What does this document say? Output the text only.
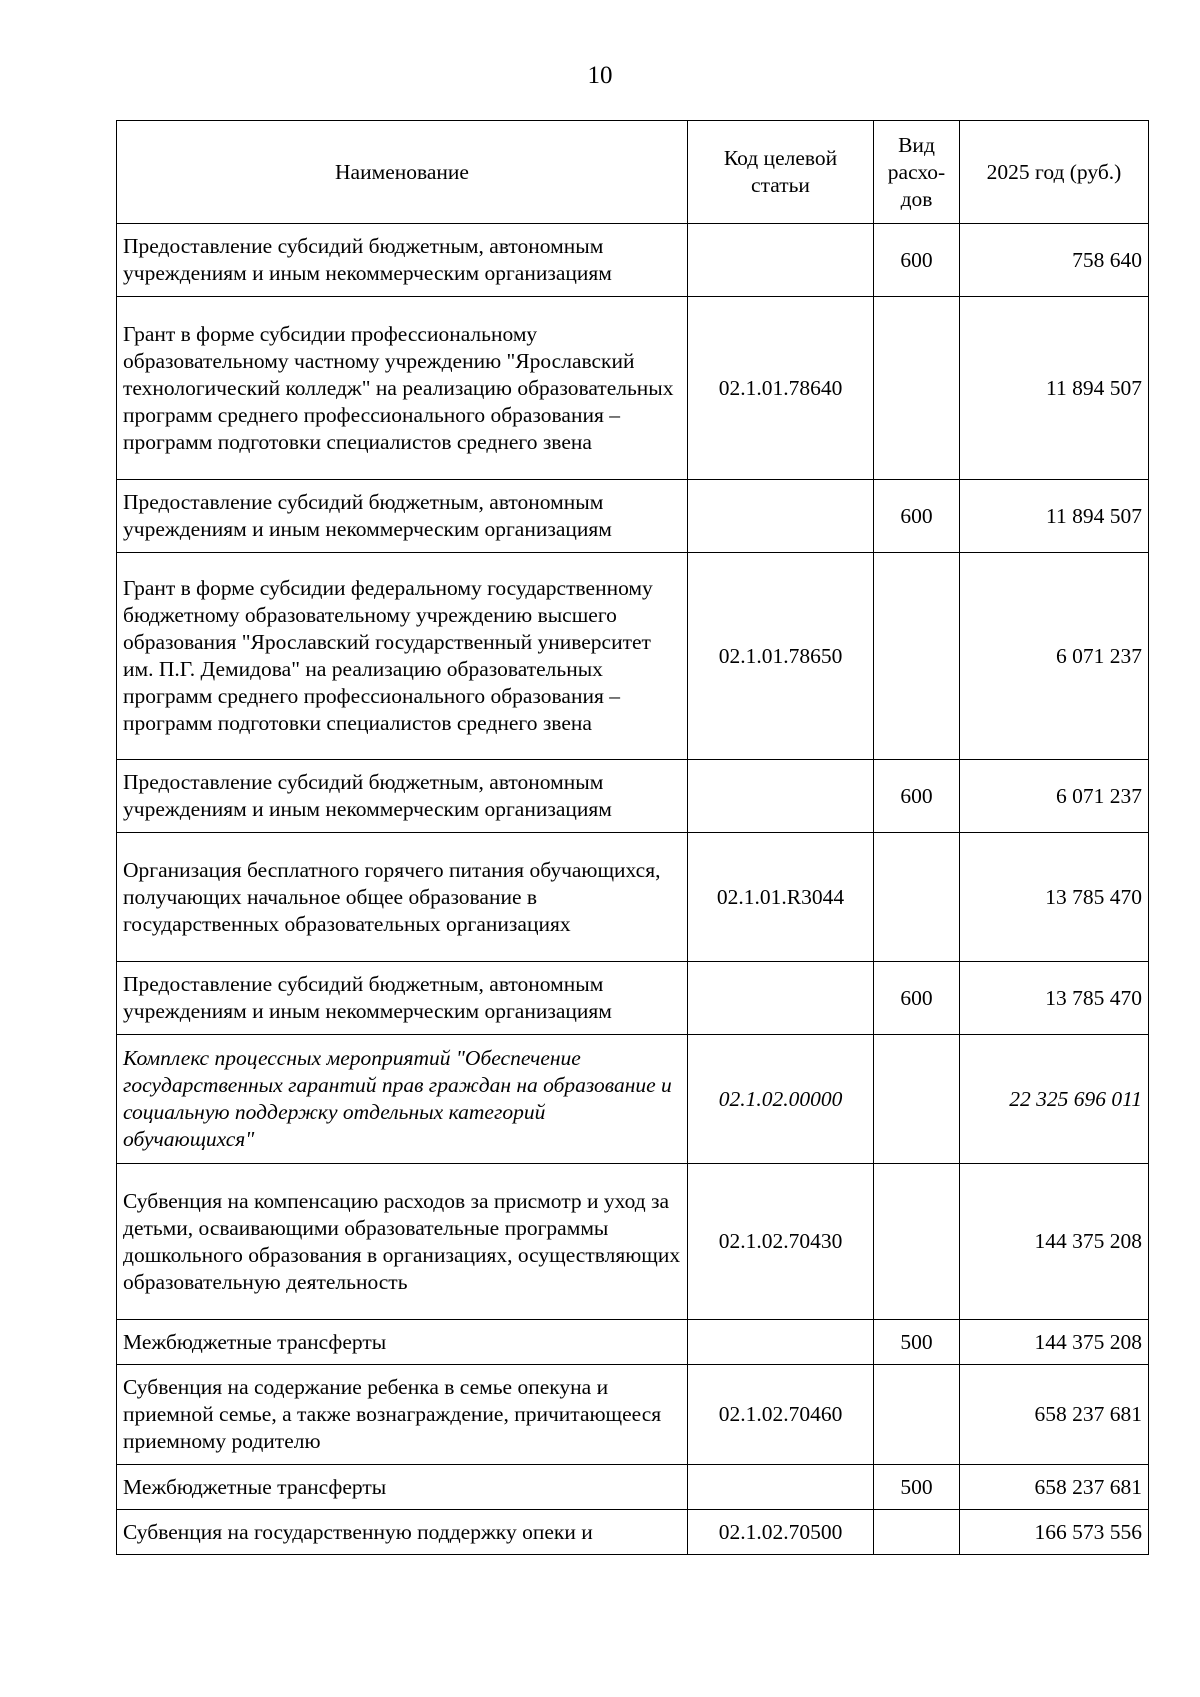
10
Наименование	Код целевой статьи	Вид расхо-дов	2025 год (руб.)
Предоставление субсидий бюджетным, автономным учреждениям и иным некоммерческим организациям		600	758 640
Грант в форме субсидии профессиональному образовательному частному учреждению "Ярославский технологический колледж" на реализацию образовательных программ среднего профессионального образования – программ подготовки специалистов среднего звена	02.1.01.78640		11 894 507
Предоставление субсидий бюджетным, автономным учреждениям и иным некоммерческим организациям		600	11 894 507
Грант в форме субсидии федеральному государственному бюджетному образовательному учреждению высшего образования "Ярославский государственный университет им. П.Г. Демидова" на реализацию образовательных программ среднего профессионального образования – программ подготовки специалистов среднего звена	02.1.01.78650		6 071 237
Предоставление субсидий бюджетным, автономным учреждениям и иным некоммерческим организациям		600	6 071 237
Организация бесплатного горячего питания обучающихся, получающих начальное общее образование в государственных образовательных организациях	02.1.01.R3044		13 785 470
Предоставление субсидий бюджетным, автономным учреждениям и иным некоммерческим организациям		600	13 785 470
Комплекс процессных мероприятий "Обеспечение государственных гарантий прав граждан на образование и социальную поддержку отдельных категорий обучающихся"	02.1.02.00000		22 325 696 011
Субвенция на компенсацию расходов за присмотр и уход за детьми, осваивающими образовательные программы дошкольного образования в организациях, осуществляющих образовательную деятельность	02.1.02.70430		144 375 208
Межбюджетные трансферты		500	144 375 208
Субвенция на содержание ребенка в семье опекуна и приемной семье, а также вознаграждение, причитающееся приемному родителю	02.1.02.70460		658 237 681
Межбюджетные трансферты		500	658 237 681
Субвенция на государственную поддержку опеки и	02.1.02.70500		166 573 556
